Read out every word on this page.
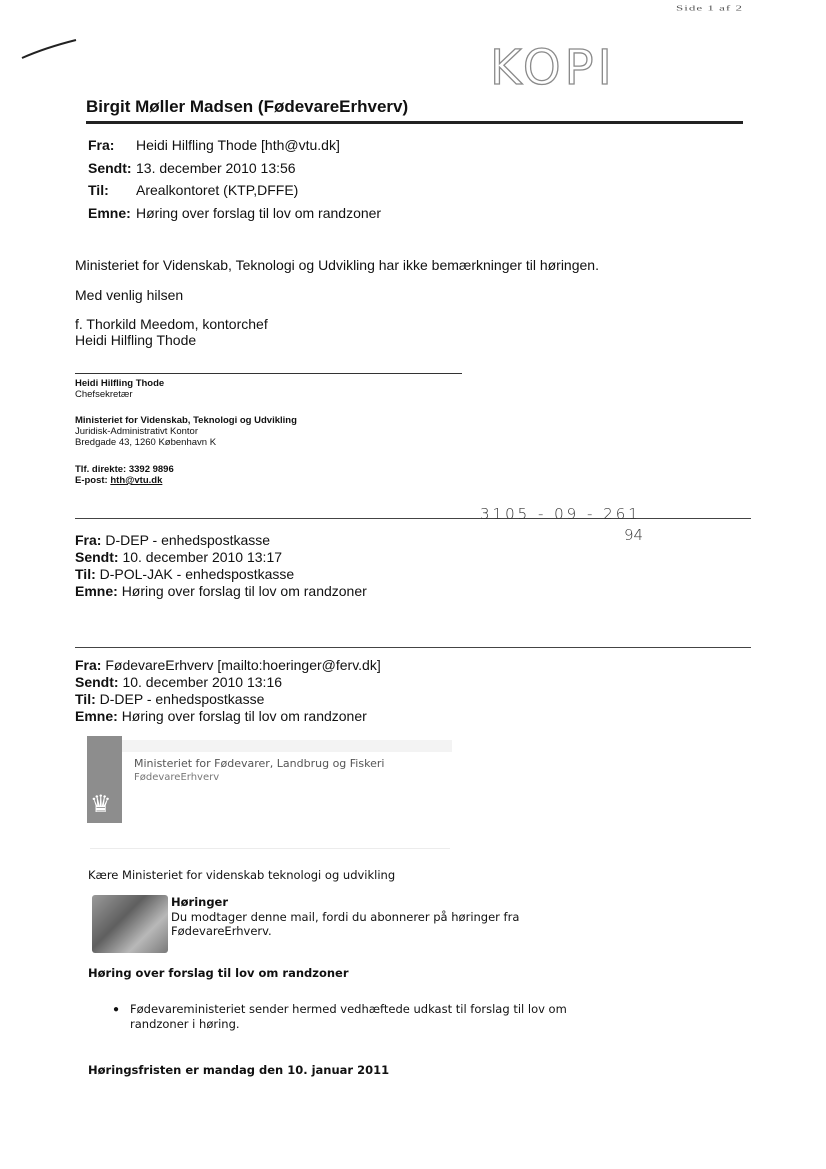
Side 1 af 2
KOPI
Birgit Møller Madsen (FødevareErhverv)
Fra: Heidi Hilfling Thode [hth@vtu.dk]
Sendt: 13. december 2010 13:56
Til: Arealkontoret (KTP,DFFE)
Emne: Høring over forslag til lov om randzoner
Ministeriet for Videnskab, Teknologi og Udvikling har ikke bemærkninger til høringen.
Med venlig hilsen
f. Thorkild Meedom, kontorchef
Heidi Hilfling Thode
Heidi Hilfling Thode
Chefsekretær
Ministeriet for Videnskab, Teknologi og Udvikling
Juridisk-Administrativt Kontor
Bredgade 43, 1260 København K
Tlf. direkte: 3392 9896
E-post: hth@vtu.dk
3105 - 09 - 261
94
Fra: D-DEP - enhedspostkasse
Sendt: 10. december 2010 13:17
Til: D-POL-JAK - enhedspostkasse
Emne: Høring over forslag til lov om randzoner
Fra: FødevareErhverv [mailto:hoeringer@ferv.dk]
Sendt: 10. december 2010 13:16
Til: D-DEP - enhedspostkasse
Emne: Høring over forslag til lov om randzoner
♛
Ministeriet for Fødevarer, Landbrug og Fiskeri
FødevareErhverv
Kære Ministeriet for videnskab teknologi og udvikling
Høringer
Du modtager denne mail, fordi du abonnerer på høringer fra
FødevareErhverv.
Høring over forslag til lov om randzoner
● Fødevareministeriet sender hermed vedhæftede udkast til forslag til lov om
randzoner i høring.
Høringsfristen er mandag den 10. januar 2011
